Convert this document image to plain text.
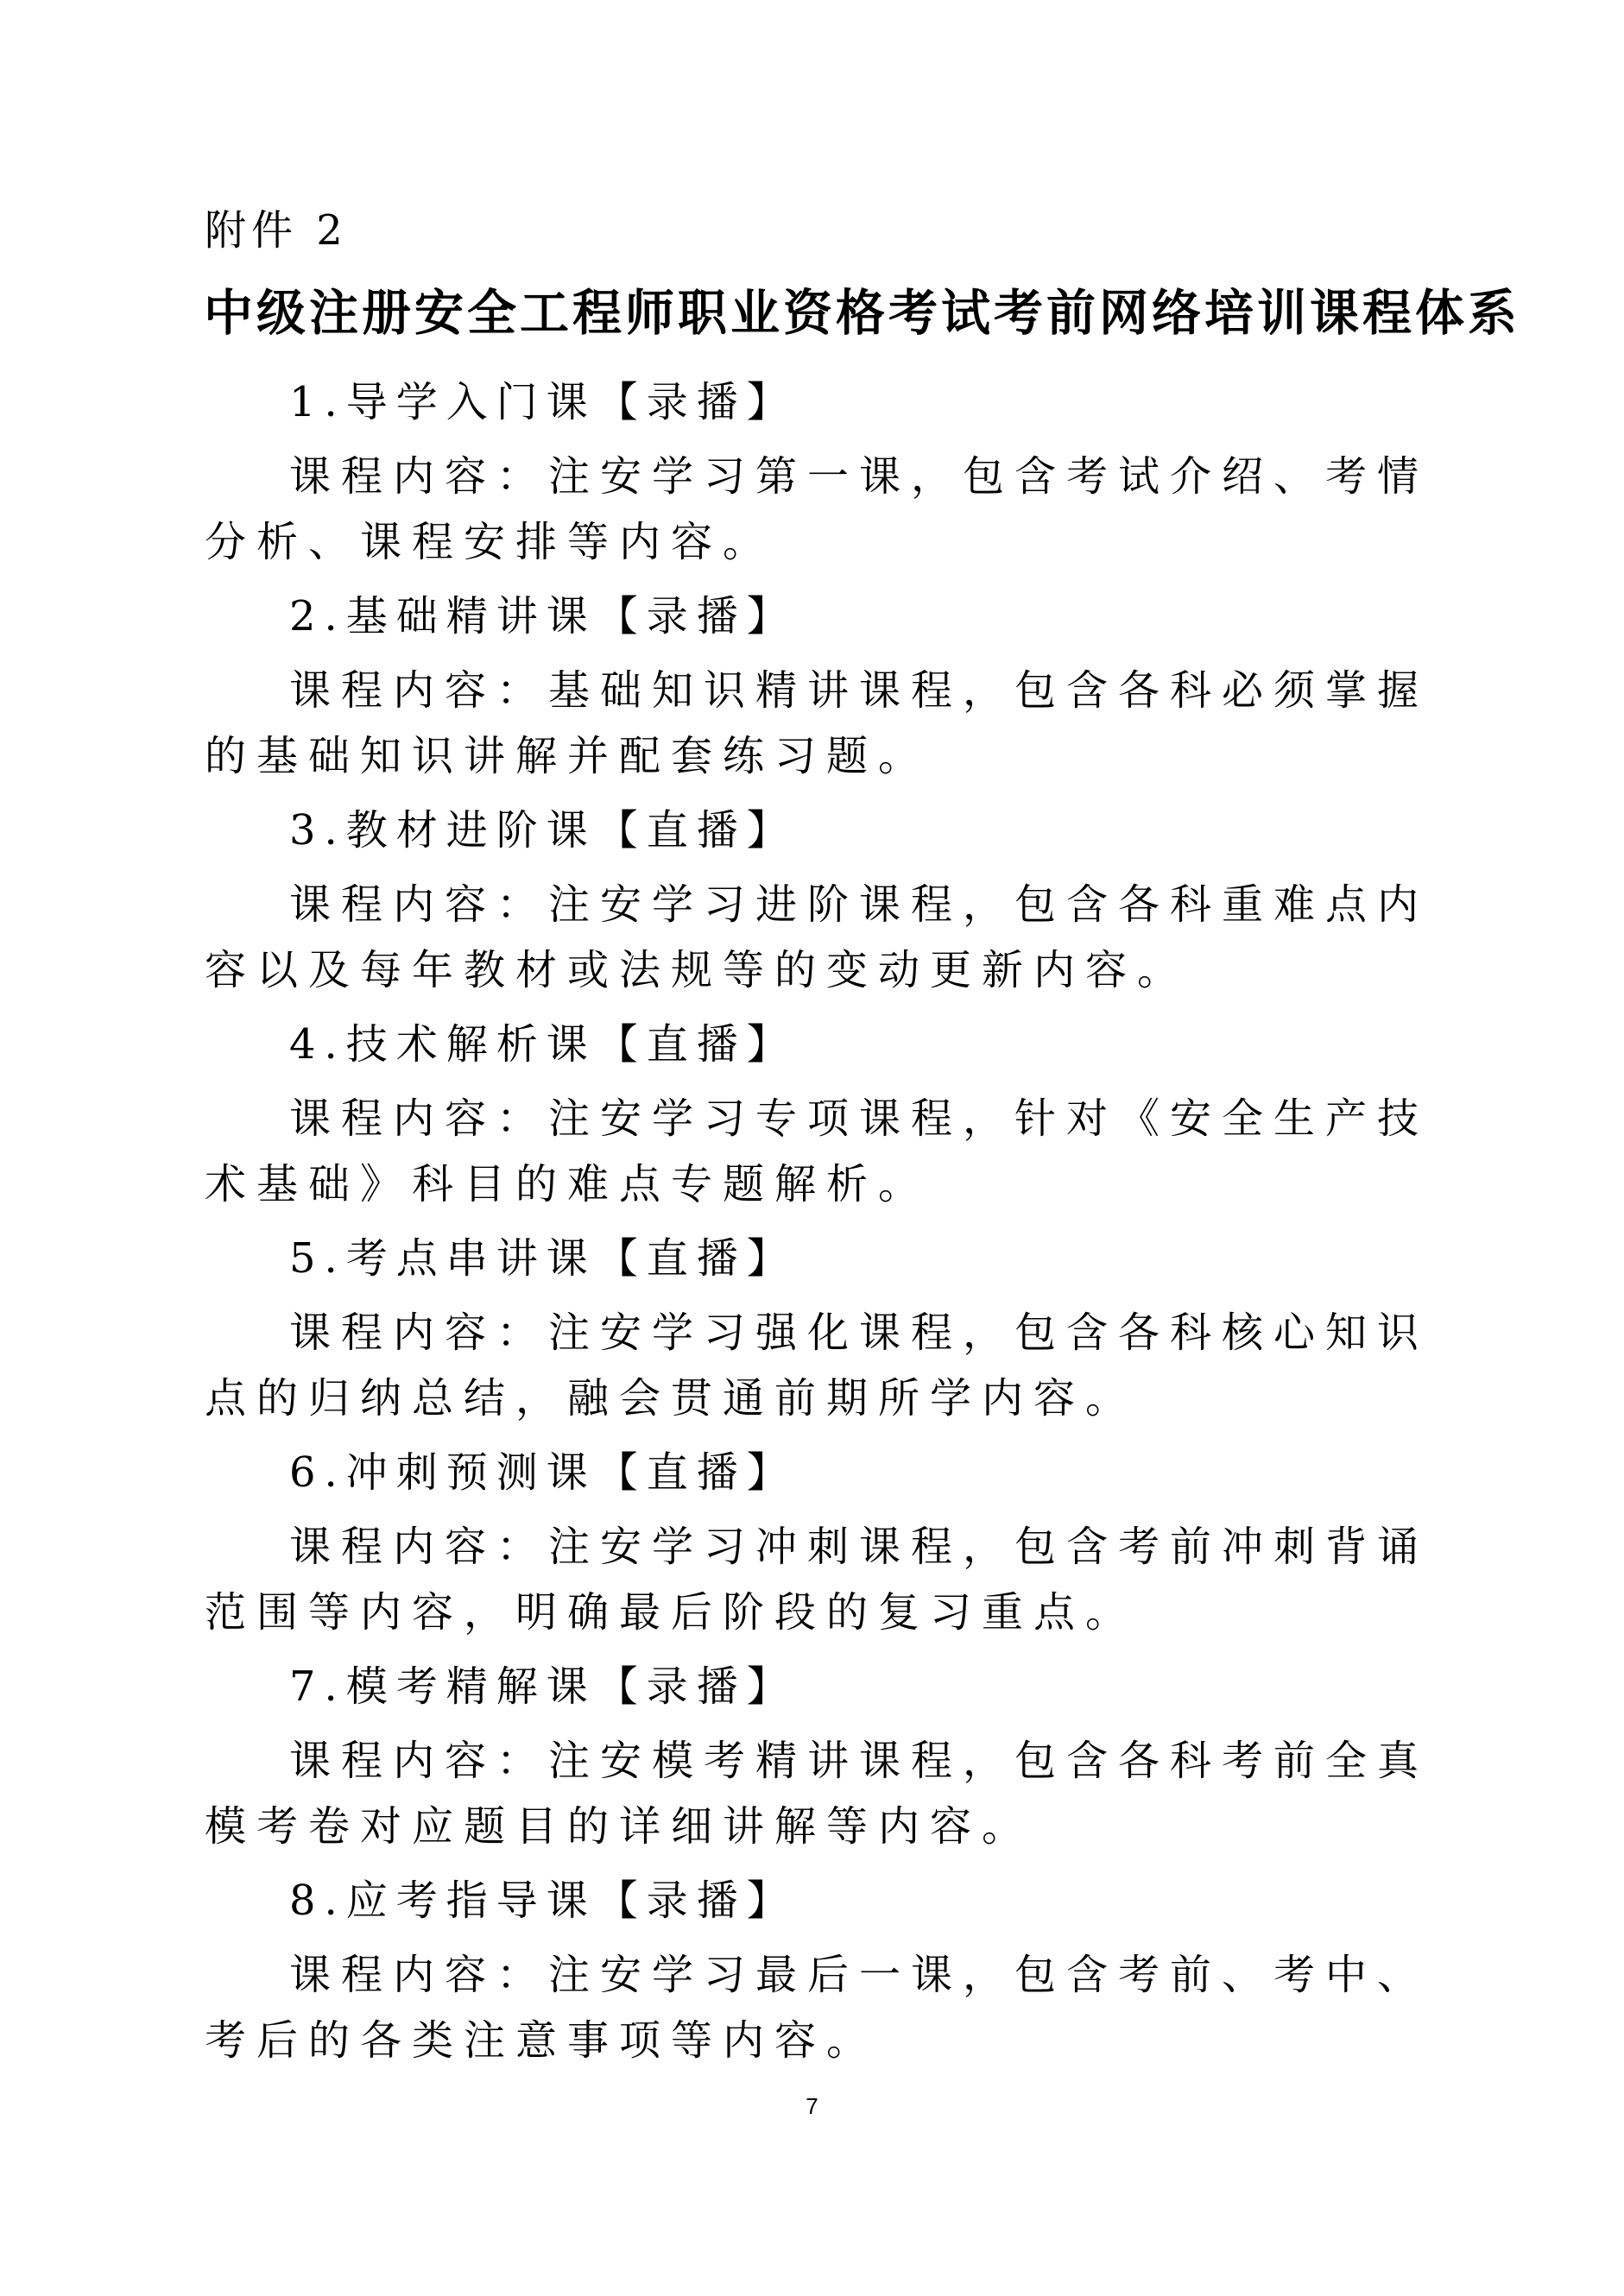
附件 2
中级注册安全工程师职业资格考试考前网络培训课程体系
1.导学入门课【录播】
课程内容：注安学习第一课，包含考试介绍、考情分析、课程安排等内容。
2.基础精讲课【录播】
课程内容：基础知识精讲课程，包含各科必须掌握的基础知识讲解并配套练习题。
3.教材进阶课【直播】
课程内容：注安学习进阶课程，包含各科重难点内容以及每年教材或法规等的变动更新内容。
4.技术解析课【直播】
课程内容：注安学习专项课程，针对《安全生产技术基础》科目的难点专题解析。
5.考点串讲课【直播】
课程内容：注安学习强化课程，包含各科核心知识点的归纳总结，融会贯通前期所学内容。
6.冲刺预测课【直播】
课程内容：注安学习冲刺课程，包含考前冲刺背诵范围等内容，明确最后阶段的复习重点。
7.模考精解课【录播】
课程内容：注安模考精讲课程，包含各科考前全真模考卷对应题目的详细讲解等内容。
8.应考指导课【录播】
课程内容：注安学习最后一课，包含考前、考中、考后的各类注意事项等内容。
7
